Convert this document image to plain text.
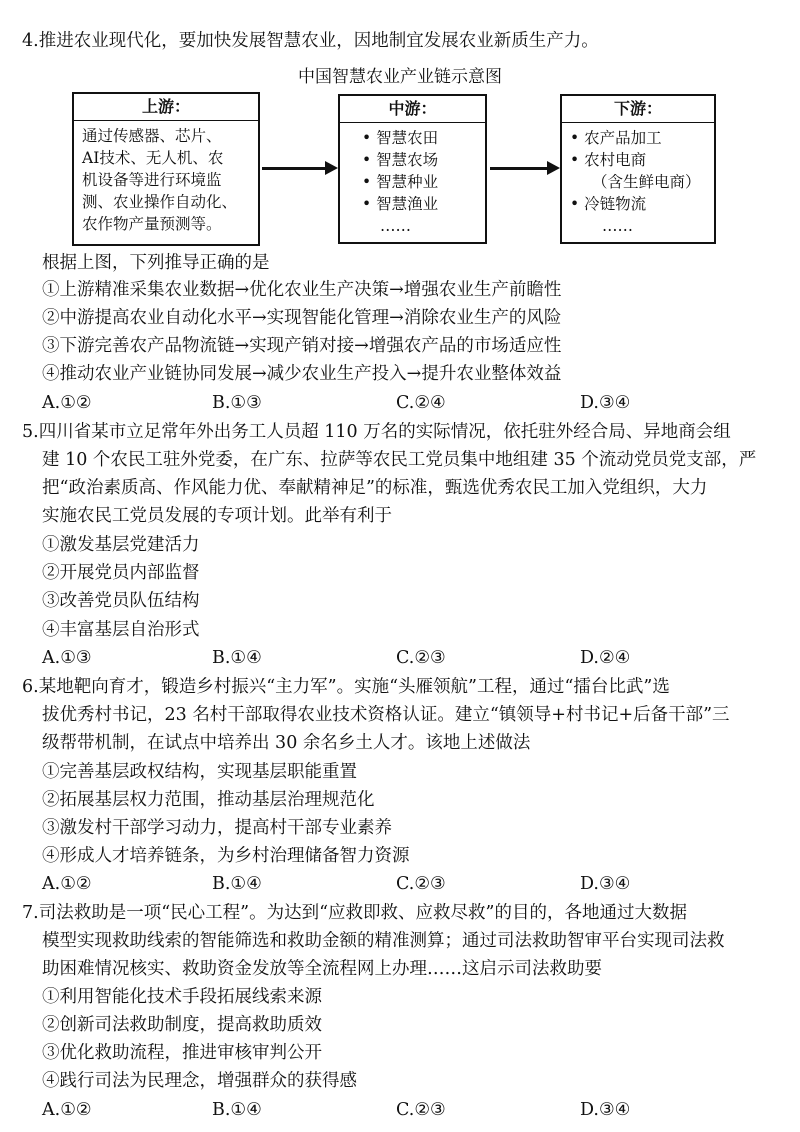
4.推进农业现代化，要加快发展智慧农业，因地制宜发展农业新质生产力。
中国智慧农业产业链示意图
上游：
通过传感器、芯片、
AI技术、无人机、农
机设备等进行环境监
测、农业操作自动化、
农作物产量预测等。
中游：
• 智慧农田
• 智慧农场
• 智慧种业
• 智慧渔业
……
下游：
• 农产品加工
• 农村电商
（含生鲜电商）
• 冷链物流
……
根据上图，下列推导正确的是
①上游精准采集农业数据→优化农业生产决策→增强农业生产前瞻性
②中游提高农业自动化水平→实现智能化管理→消除农业生产的风险
③下游完善农产品物流链→实现产销对接→增强农产品的市场适应性
④推动农业产业链协同发展→减少农业生产投入→提升农业整体效益
A.①②	B.①③	C.②④	D.③④
5.四川省某市立足常年外出务工人员超 110 万名的实际情况，依托驻外经合局、异地商会组
建 10 个农民工驻外党委，在广东、拉萨等农民工党员集中地组建 35 个流动党员党支部，严
把“政治素质高、作风能力优、奉献精神足”的标准，甄选优秀农民工加入党组织，大力
实施农民工党员发展的专项计划。此举有利于
①激发基层党建活力
②开展党员内部监督
③改善党员队伍结构
④丰富基层自治形式
A.①③	B.①④	C.②③	D.②④
6.某地靶向育才，锻造乡村振兴“主力军”。实施“头雁领航”工程，通过“擂台比武”选
拔优秀村书记，23 名村干部取得农业技术资格认证。建立“镇领导+村书记+后备干部”三
级帮带机制，在试点中培养出 30 余名乡土人才。该地上述做法
①完善基层政权结构，实现基层职能重置
②拓展基层权力范围，推动基层治理规范化
③激发村干部学习动力，提高村干部专业素养
④形成人才培养链条，为乡村治理储备智力资源
A.①②	B.①④	C.②③	D.③④
7.司法救助是一项“民心工程”。为达到“应救即救、应救尽救”的目的，各地通过大数据
模型实现救助线索的智能筛选和救助金额的精准测算；通过司法救助智审平台实现司法救
助困难情况核实、救助资金发放等全流程网上办理……这启示司法救助要
①利用智能化技术手段拓展线索来源
②创新司法救助制度，提高救助质效
③优化救助流程，推进审核审判公开
④践行司法为民理念，增强群众的获得感
A.①②	B.①④	C.②③	D.③④
